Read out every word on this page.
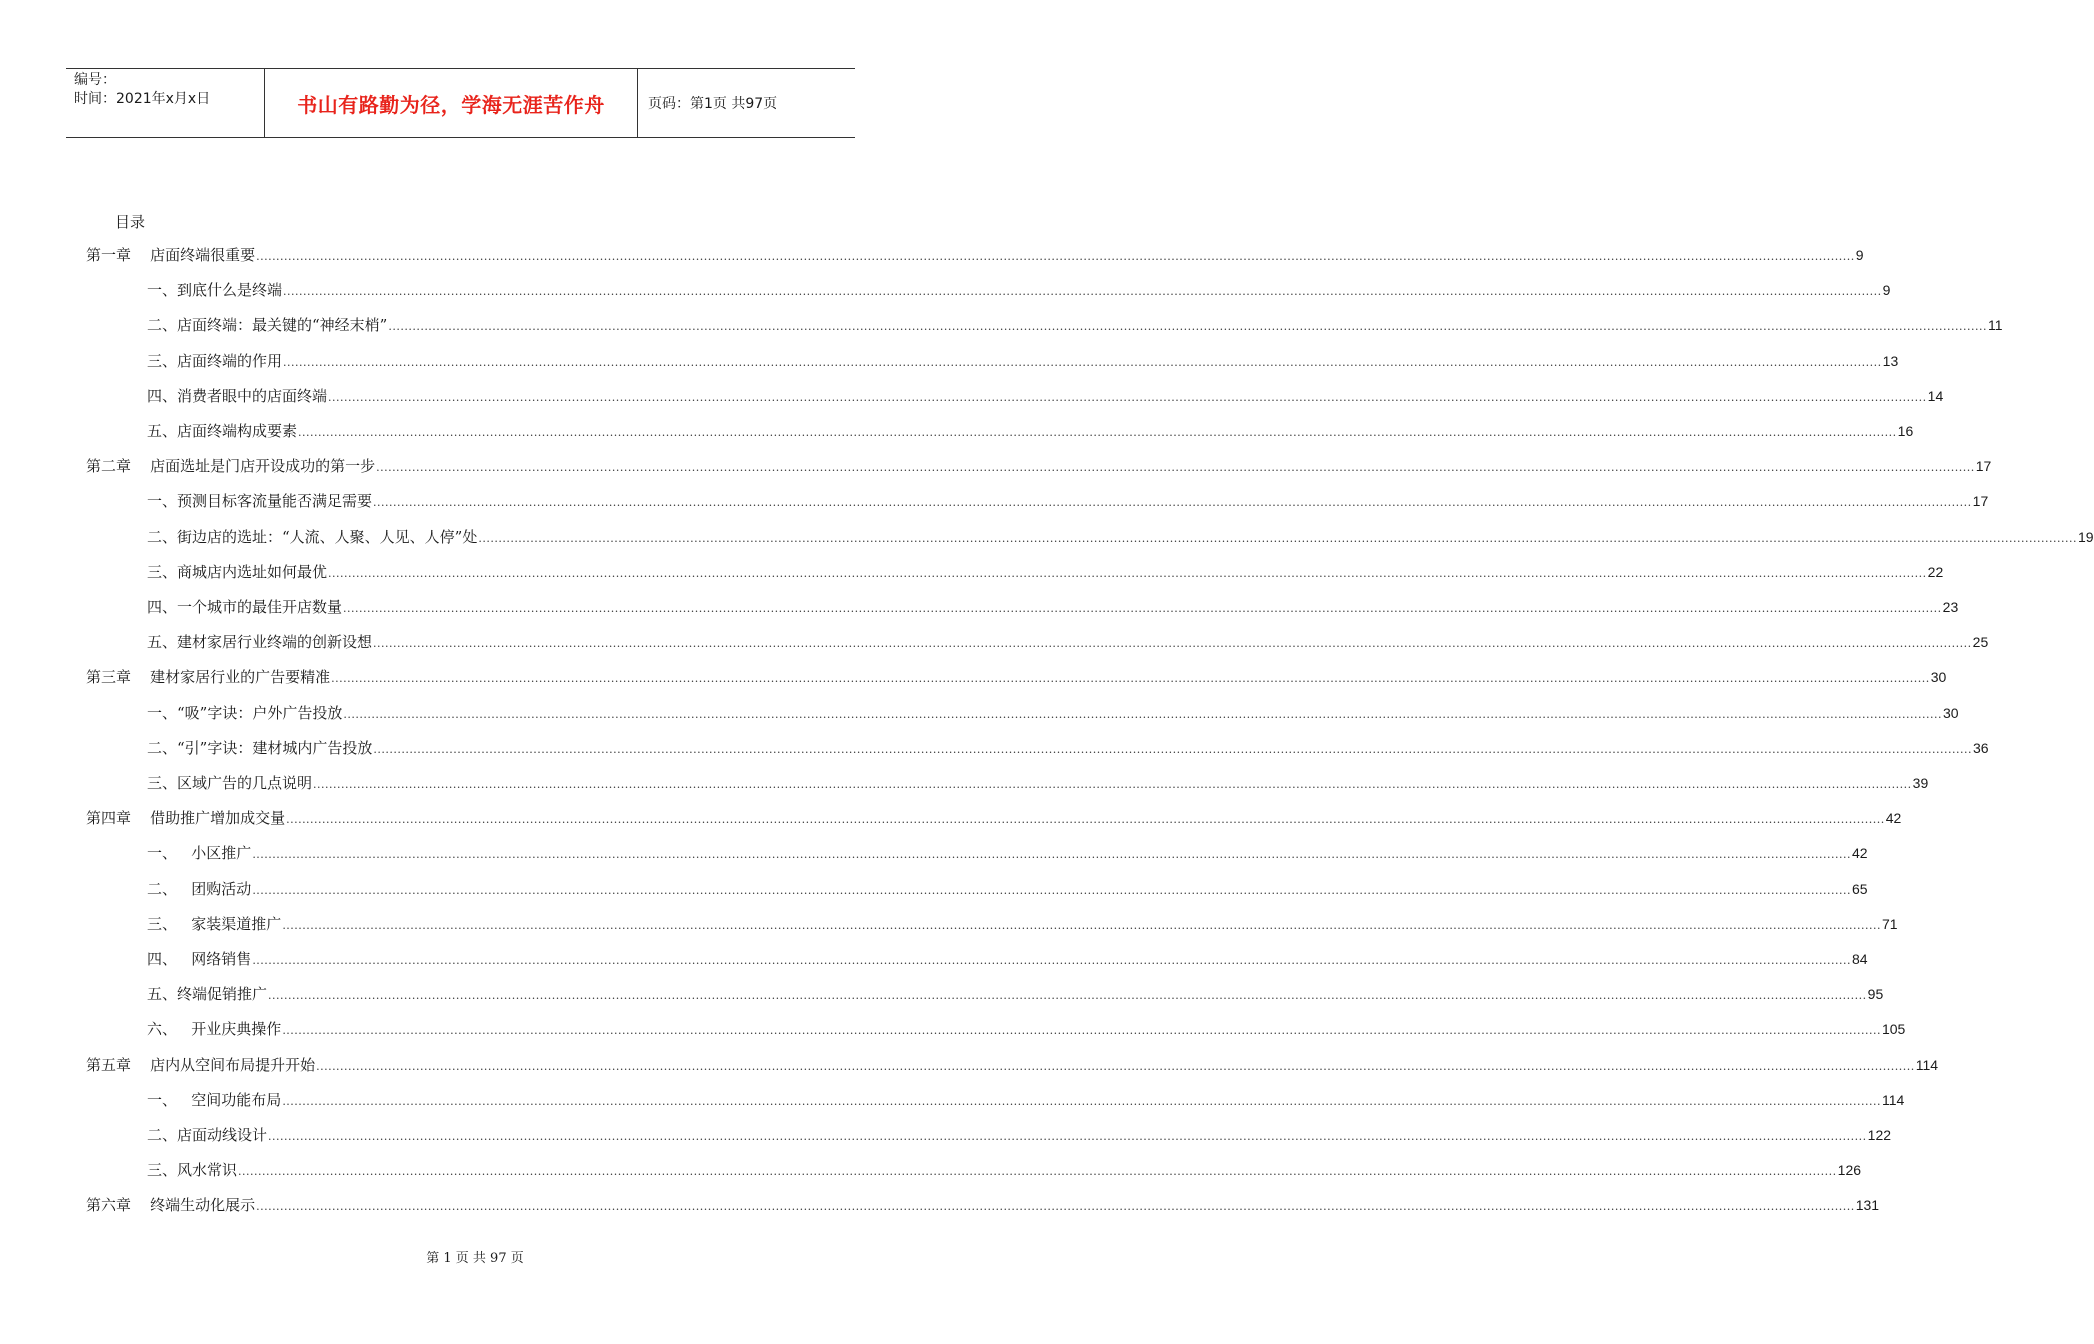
编号：
时间：2021年x月x日	书山有路勤为径，学海无涯苦作舟	页码：第1页 共97页
目录
第一章    店面终端很重要 ................................................................................................................................................................................................................................................................................................................................................................................................................ 9
一、到底什么是终端 ................................................................................................................................................................................................................................................................................................................................................................................................................ 9
二、店面终端：最关键的“神经末梢” ................................................................................................................................................................................................................................................................................................................................................................................................................ 11
三、店面终端的作用 ................................................................................................................................................................................................................................................................................................................................................................................................................ 13
四、消费者眼中的店面终端 ................................................................................................................................................................................................................................................................................................................................................................................................................ 14
五、店面终端构成要素 ................................................................................................................................................................................................................................................................................................................................................................................................................ 16
第二章    店面选址是门店开设成功的第一步 ................................................................................................................................................................................................................................................................................................................................................................................................................ 17
一、预测目标客流量能否满足需要 ................................................................................................................................................................................................................................................................................................................................................................................................................ 17
二、街边店的选址：“人流、人聚、人见、人停”处 ................................................................................................................................................................................................................................................................................................................................................................................................................ 19
三、商城店内选址如何最优 ................................................................................................................................................................................................................................................................................................................................................................................................................ 22
四、一个城市的最佳开店数量 ................................................................................................................................................................................................................................................................................................................................................................................................................ 23
五、建材家居行业终端的创新设想 ................................................................................................................................................................................................................................................................................................................................................................................................................ 25
第三章    建材家居行业的广告要精准 ................................................................................................................................................................................................................................................................................................................................................................................................................ 30
一、“吸”字诀：户外广告投放 ................................................................................................................................................................................................................................................................................................................................................................................................................ 30
二、“引”字诀：建材城内广告投放 ................................................................................................................................................................................................................................................................................................................................................................................................................ 36
三、区域广告的几点说明 ................................................................................................................................................................................................................................................................................................................................................................................................................ 39
第四章    借助推广增加成交量 ................................................................................................................................................................................................................................................................................................................................................................................................................ 42
一、   小区推广 ................................................................................................................................................................................................................................................................................................................................................................................................................ 42
二、   团购活动 ................................................................................................................................................................................................................................................................................................................................................................................................................ 65
三、   家装渠道推广 ................................................................................................................................................................................................................................................................................................................................................................................................................ 71
四、   网络销售 ................................................................................................................................................................................................................................................................................................................................................................................................................ 84
五、终端促销推广 ................................................................................................................................................................................................................................................................................................................................................................................................................ 95
六、   开业庆典操作 ................................................................................................................................................................................................................................................................................................................................................................................................................ 105
第五章    店内从空间布局提升开始 ................................................................................................................................................................................................................................................................................................................................................................................................................ 114
一、   空间功能布局 ................................................................................................................................................................................................................................................................................................................................................................................................................ 114
二、店面动线设计 ................................................................................................................................................................................................................................................................................................................................................................................................................ 122
三、风水常识 ................................................................................................................................................................................................................................................................................................................................................................................................................ 126
第六章    终端生动化展示 ................................................................................................................................................................................................................................................................................................................................................................................................................ 131
第 1 页 共 97 页
